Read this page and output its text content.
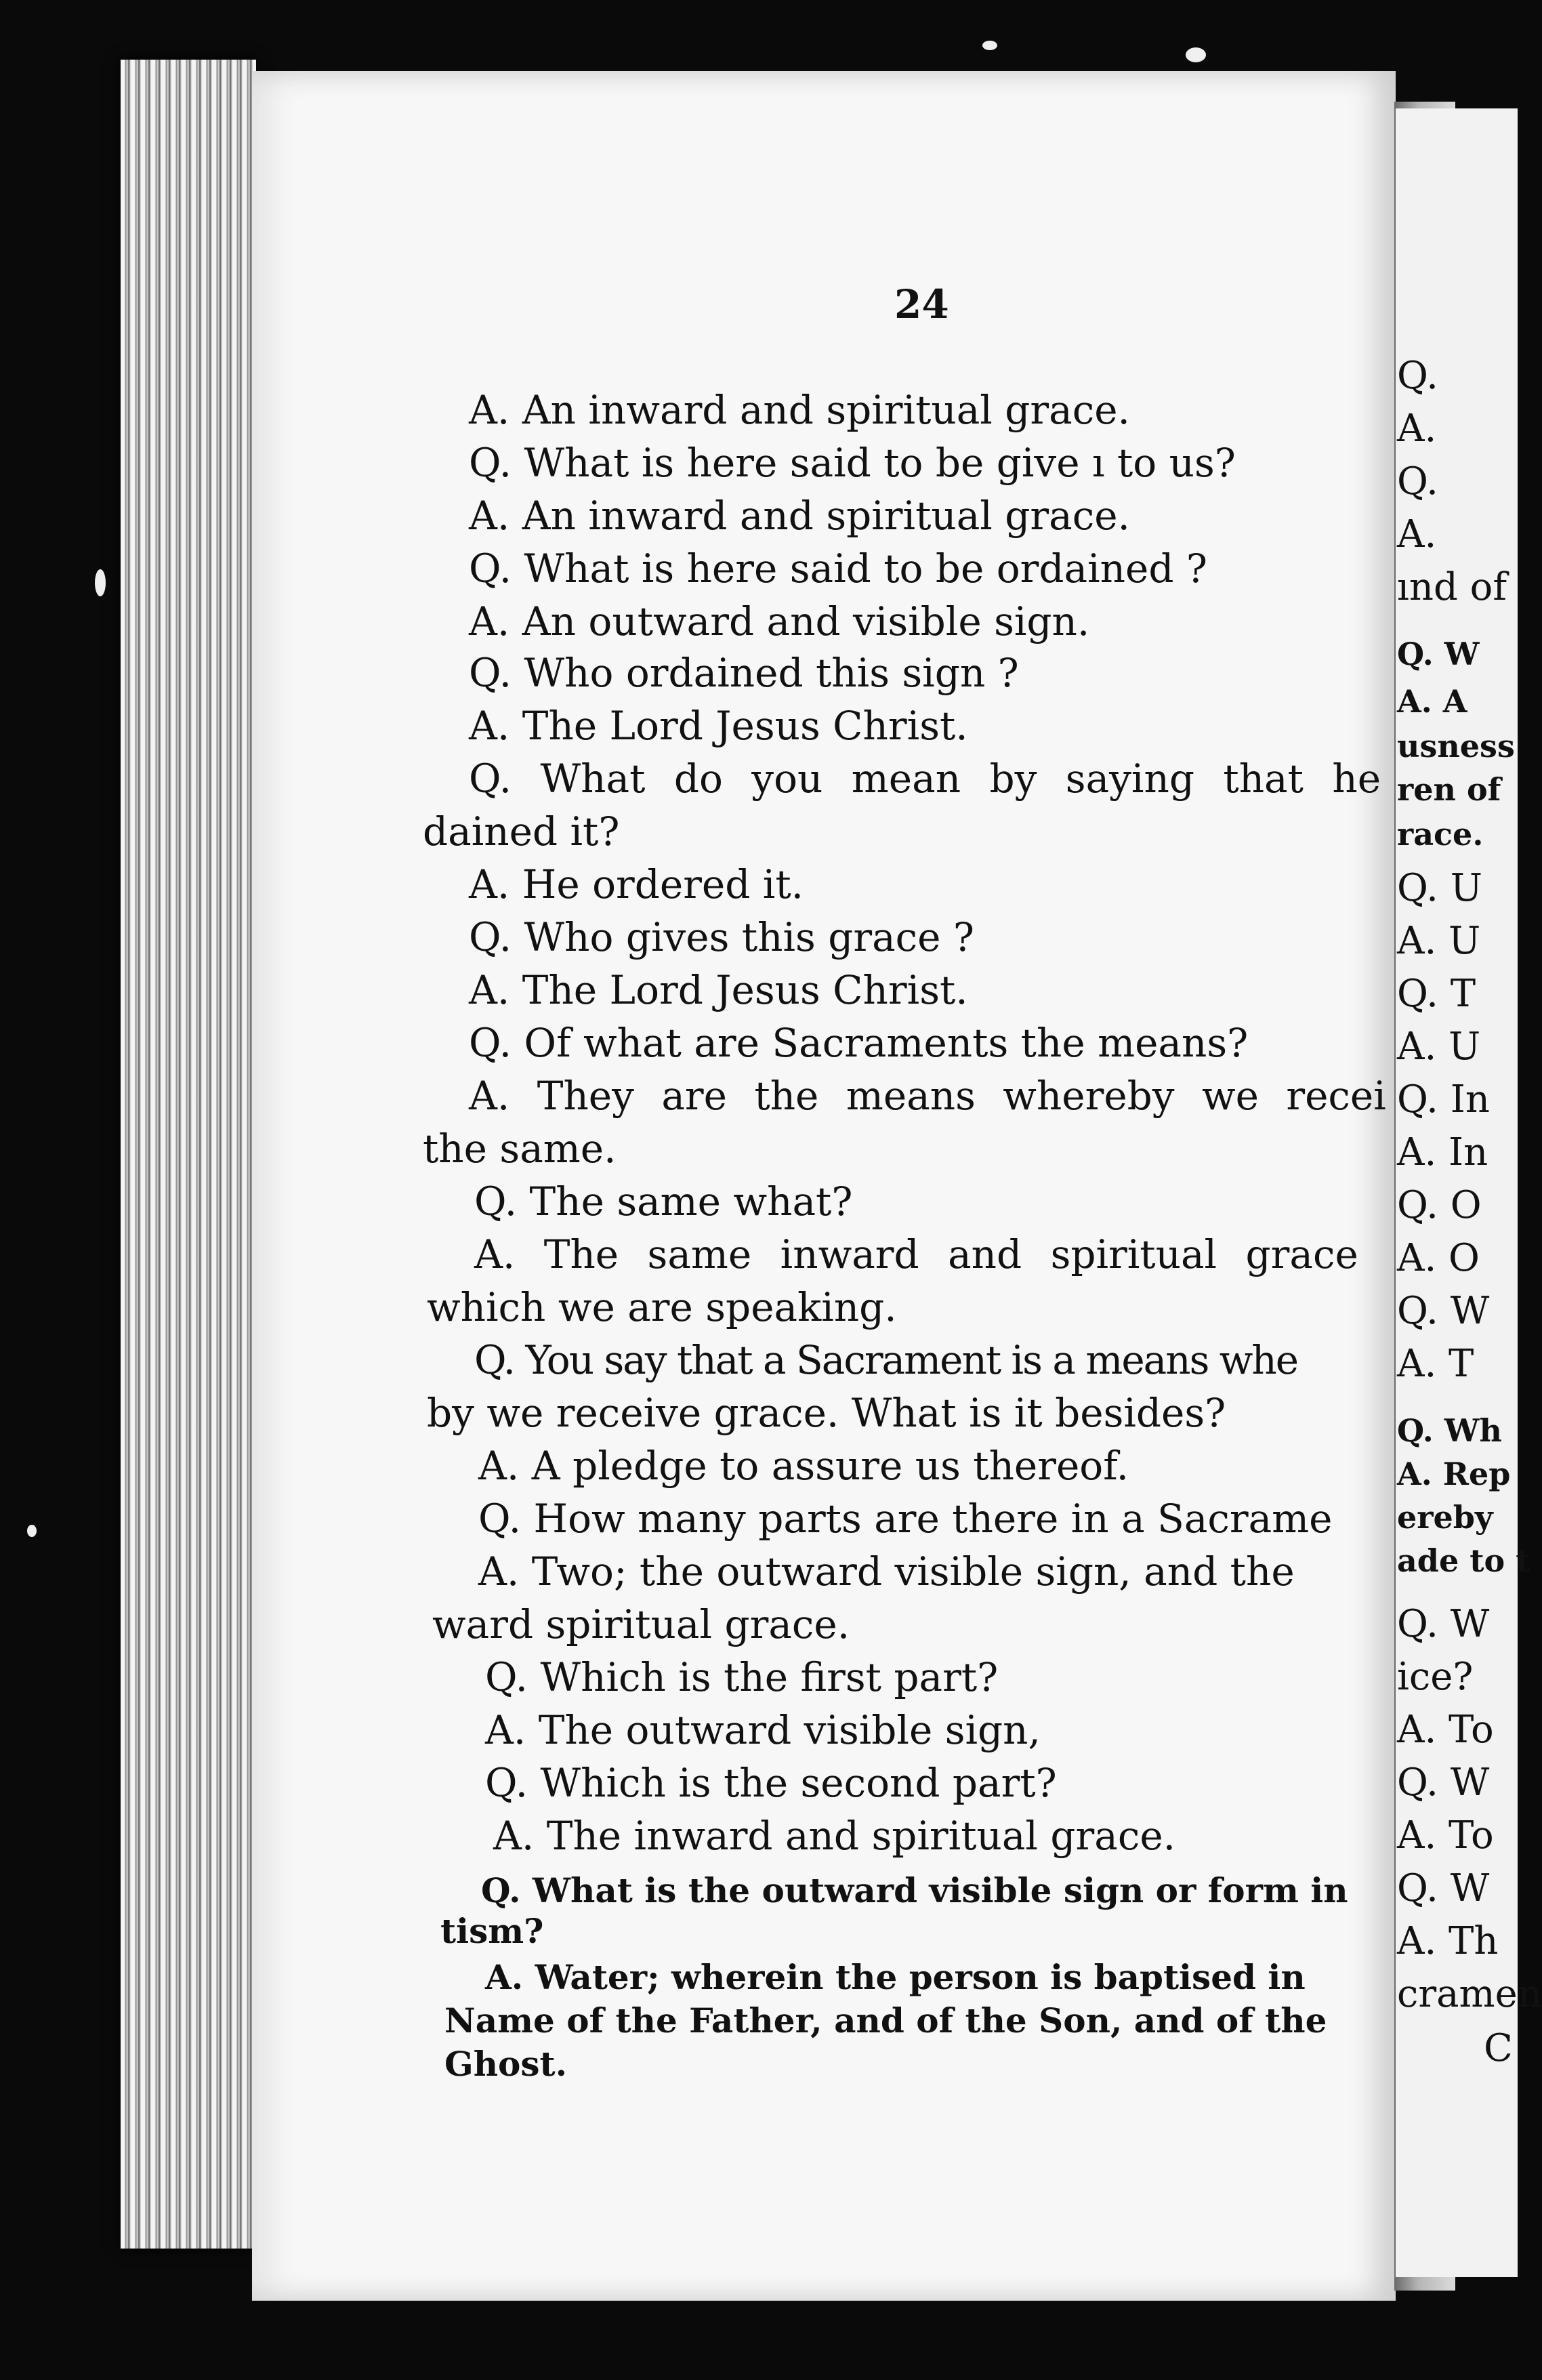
24
A. An inward and spiritual grace.
Q. What is here said to be give ı to us?
A. An inward and spiritual grace.
Q. What is here said to be ordained ?
A. An outward and visible sign.
Q. Who ordained this sign ?
A. The Lord Jesus Christ.
Q. What do you mean by saying that he
dained it?
A. He ordered it.
Q. Who gives this grace ?
A. The Lord Jesus Christ.
Q. Of what are Sacraments the means?
A. They are the means whereby we recei
the same.
Q. The same what?
A. The same inward and spiritual grace
which we are speaking.
Q. You say that a Sacrament is a means whe
by we receive grace. What is it besides?
A. A pledge to assure us thereof.
Q. How many parts are there in a Sacrame
A. Two; the outward visible sign, and the
ward spiritual grace.
Q. Which is the first part?
A. The outward visible sign,
Q. Which is the second part?
A. The inward and spiritual grace.
Q. What is the outward visible sign or form in
tism?
A. Water; wherein the person is baptised in
Name of the Father, and of the Son, and of the
Ghost.
Q.
A.
Q.
A.
ınd of
Q. W
A. A
usness
ren of
race.
Q. U
A. U
Q. T
A. U
Q. In
A. In
Q. O
A. O
Q. W
A. T
Q. Wh
A. Rep
ereby
ade to t
Q. W
ice?
A. To
Q. W
A. To
Q. W
A. Th
cramen
C
